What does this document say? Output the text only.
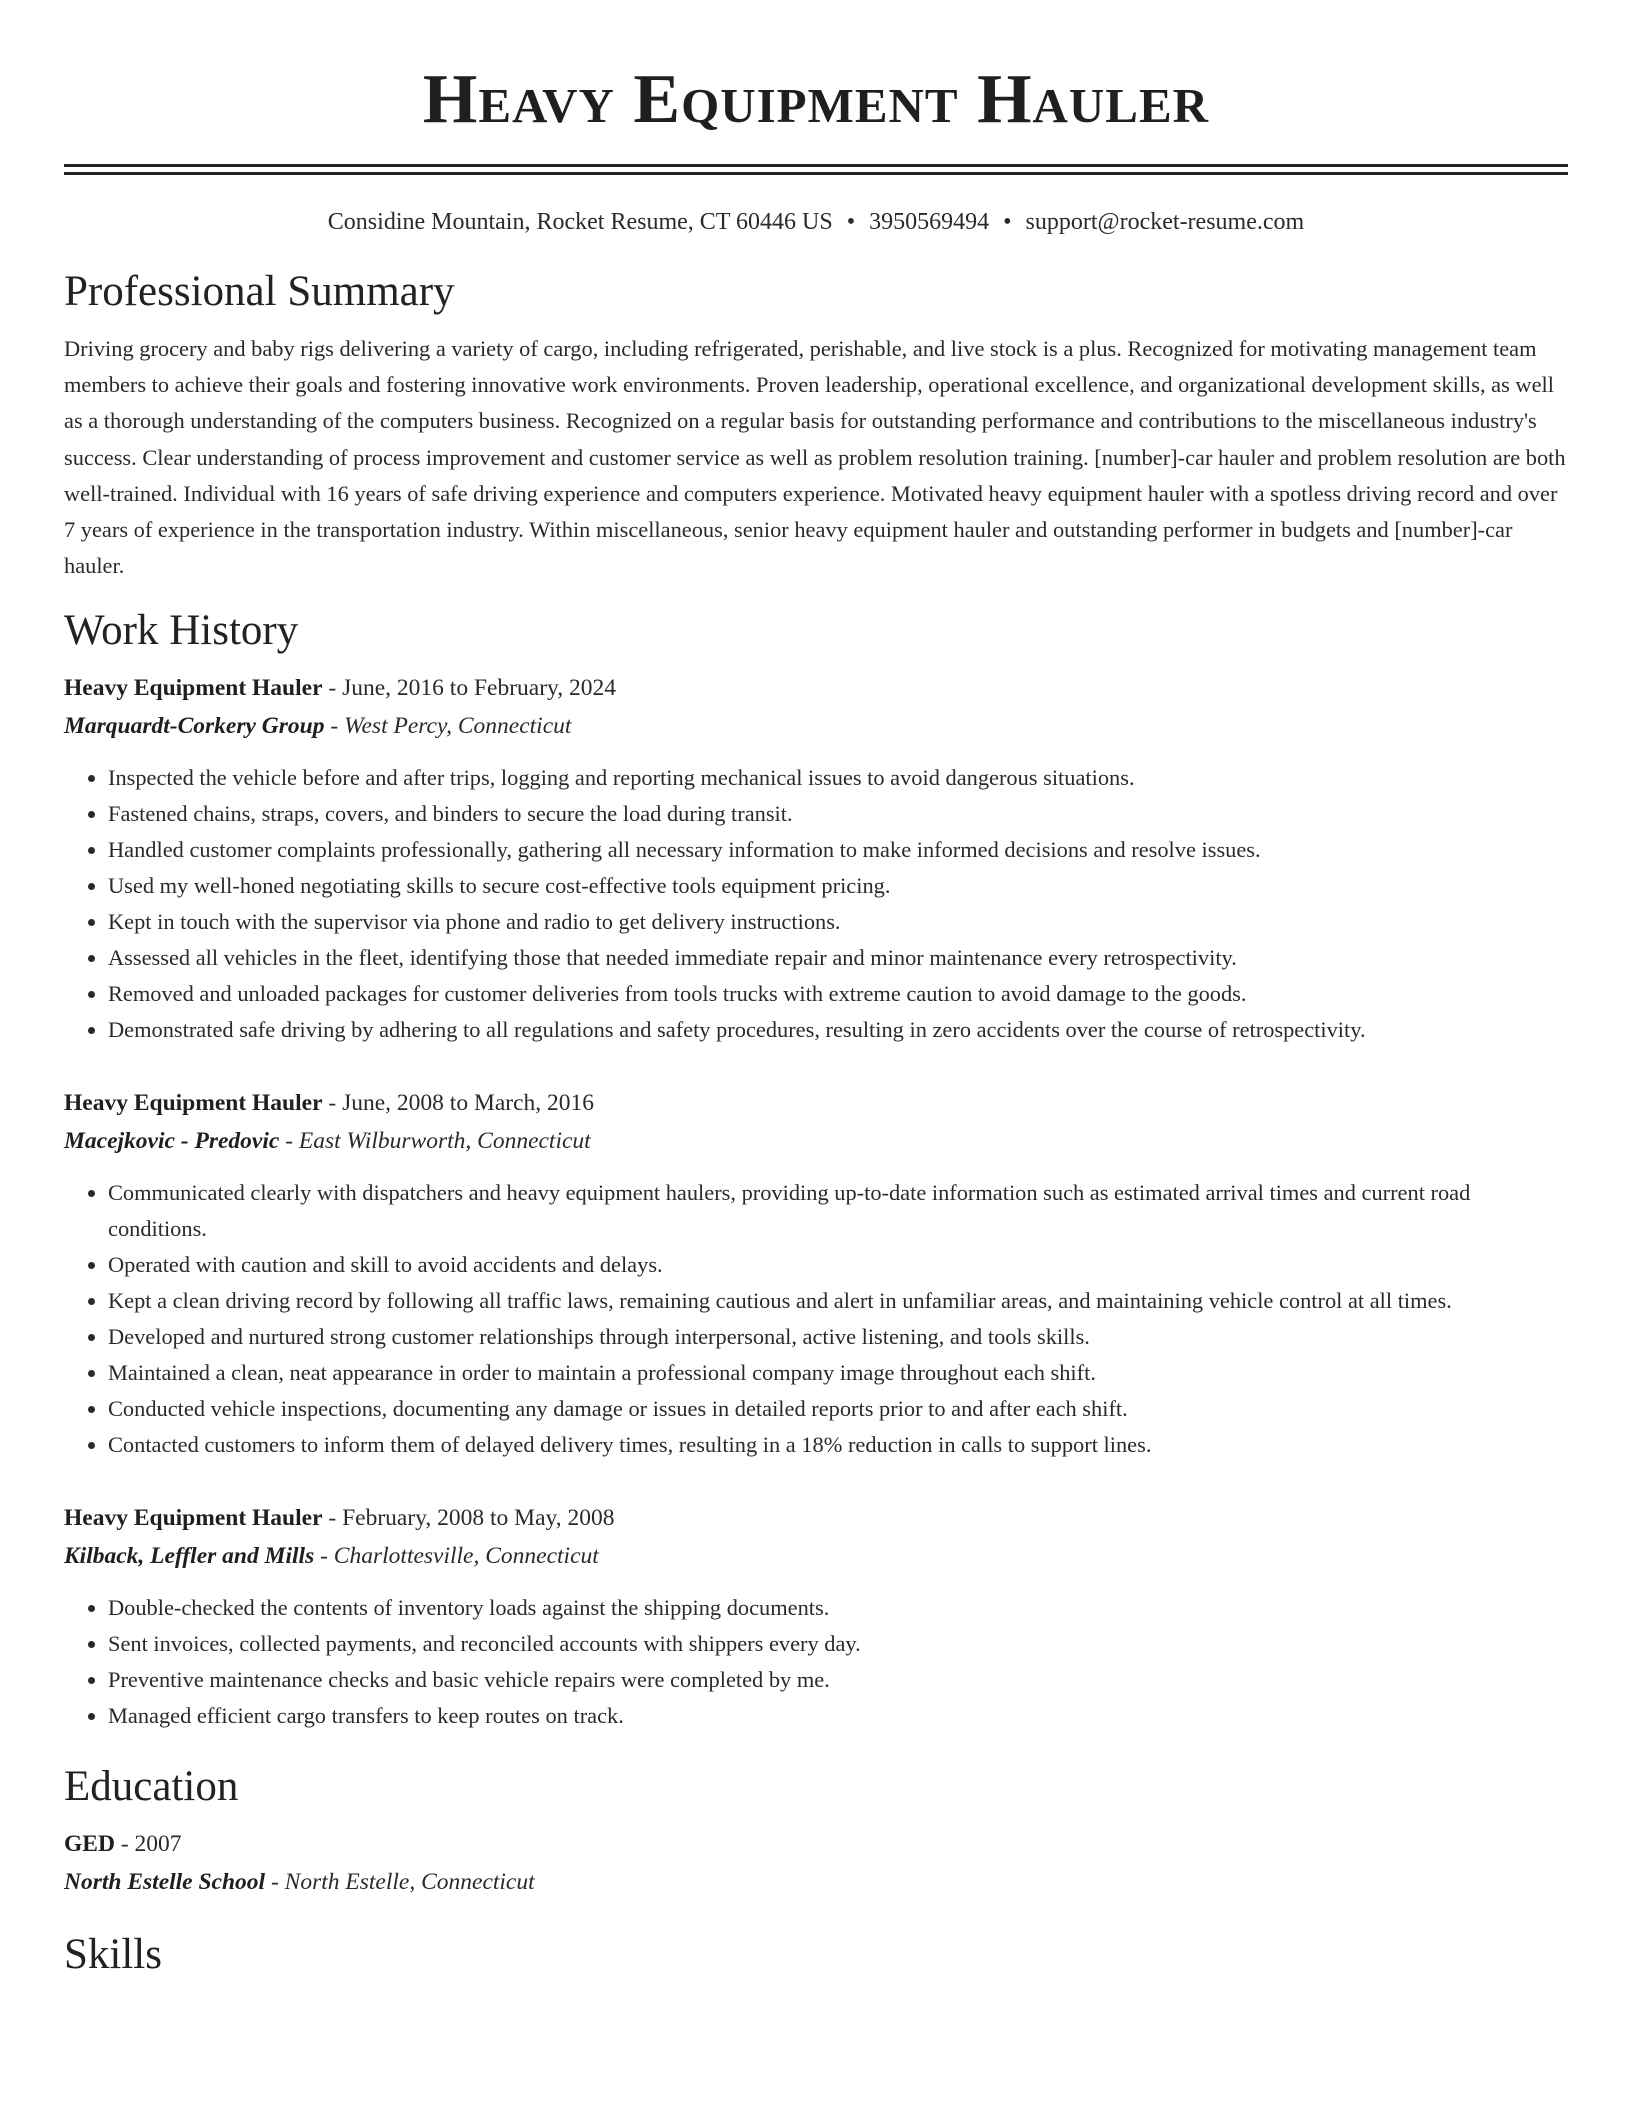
Heavy Equipment Hauler
Considine Mountain, Rocket Resume, CT 60446 US • 3950569494 • support@rocket-resume.com
Professional Summary
Driving grocery and baby rigs delivering a variety of cargo, including refrigerated, perishable, and live stock is a plus. Recognized for motivating management team members to achieve their goals and fostering innovative work environments. Proven leadership, operational excellence, and organizational development skills, as well as a thorough understanding of the computers business. Recognized on a regular basis for outstanding performance and contributions to the miscellaneous industry's success. Clear understanding of process improvement and customer service as well as problem resolution training. [number]-car hauler and problem resolution are both well-trained. Individual with 16 years of safe driving experience and computers experience. Motivated heavy equipment hauler with a spotless driving record and over 7 years of experience in the transportation industry. Within miscellaneous, senior heavy equipment hauler and outstanding performer in budgets and [number]-car hauler.
Work History
Heavy Equipment Hauler - June, 2016 to February, 2024
Marquardt-Corkery Group - West Percy, Connecticut
• Inspected the vehicle before and after trips, logging and reporting mechanical issues to avoid dangerous situations.
• Fastened chains, straps, covers, and binders to secure the load during transit.
• Handled customer complaints professionally, gathering all necessary information to make informed decisions and resolve issues.
• Used my well-honed negotiating skills to secure cost-effective tools equipment pricing.
• Kept in touch with the supervisor via phone and radio to get delivery instructions.
• Assessed all vehicles in the fleet, identifying those that needed immediate repair and minor maintenance every retrospectivity.
• Removed and unloaded packages for customer deliveries from tools trucks with extreme caution to avoid damage to the goods.
• Demonstrated safe driving by adhering to all regulations and safety procedures, resulting in zero accidents over the course of retrospectivity.
Heavy Equipment Hauler - June, 2008 to March, 2016
Macejkovic - Predovic - East Wilburworth, Connecticut
• Communicated clearly with dispatchers and heavy equipment haulers, providing up-to-date information such as estimated arrival times and current road conditions.
• Operated with caution and skill to avoid accidents and delays.
• Kept a clean driving record by following all traffic laws, remaining cautious and alert in unfamiliar areas, and maintaining vehicle control at all times.
• Developed and nurtured strong customer relationships through interpersonal, active listening, and tools skills.
• Maintained a clean, neat appearance in order to maintain a professional company image throughout each shift.
• Conducted vehicle inspections, documenting any damage or issues in detailed reports prior to and after each shift.
• Contacted customers to inform them of delayed delivery times, resulting in a 18% reduction in calls to support lines.
Heavy Equipment Hauler - February, 2008 to May, 2008
Kilback, Leffler and Mills - Charlottesville, Connecticut
• Double-checked the contents of inventory loads against the shipping documents.
• Sent invoices, collected payments, and reconciled accounts with shippers every day.
• Preventive maintenance checks and basic vehicle repairs were completed by me.
• Managed efficient cargo transfers to keep routes on track.
Education
GED - 2007
North Estelle School - North Estelle, Connecticut
Skills
